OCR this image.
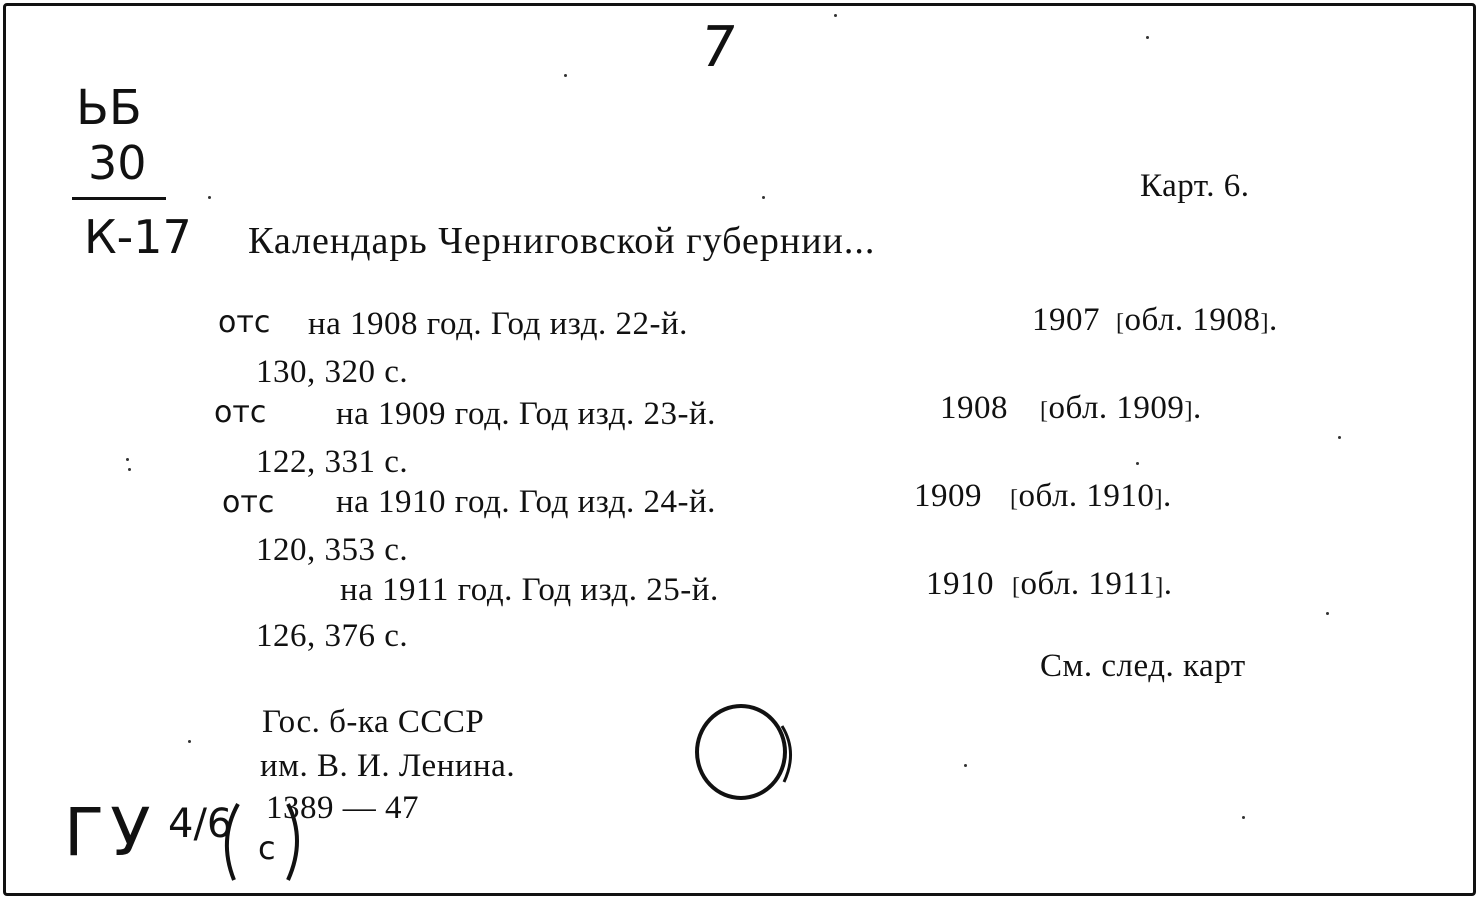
7
ЬБ
30
К-17
Карт. 6.
Календарь Черниговской губернии...
отс на 1908 год. Год изд. 22-й.	1907 [обл. 1908].
130, 320 с.
отс на 1909 год. Год изд. 23-й.	1908 [обл. 1909].
122, 331 с.
отс на 1910 год. Год изд. 24-й.	1909 [обл. 1910].
120, 353 с.
на 1911 год. Год изд. 25-й.	1910 [обл. 1911].
126, 376 с.
См. след. карт
Гос. б-ка СССР
им. В. И. Ленина.
1389 — 47
ГУ 4/6
с
